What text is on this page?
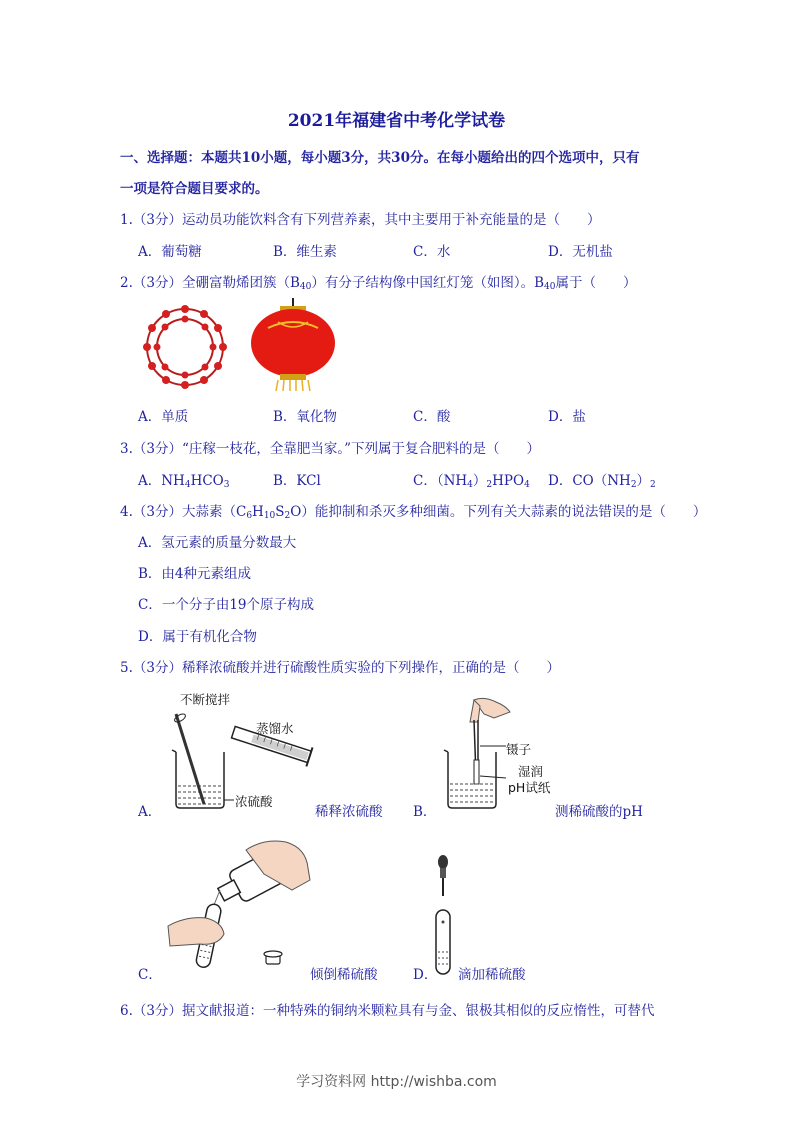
2021年福建省中考化学试卷
一、选择题：本题共10小题，每小题3分，共30分。在每小题给出的四个选项中，只有
一项是符合题目要求的。
1.（3分）运动员功能饮料含有下列营养素，其中主要用于补充能量的是（　　）
A．葡萄糖	B．维生素	C．水	D．无机盐
2.（3分）全硼富勒烯团簇$(B_{40})$有分子结构像中国红灯笼（如图）。$B_{40}$属于（　　）
A．单质	B．氧化物	C．酸	D．盐
3.（3分）“庄稼一枝花，全靠肥当家。”下列属于复合肥料的是（　　）
A．$NH_4HCO_3$	B．KCl	C．$(NH_4)_2HPO_4$ D．$CO(NH_2)_2$
4.（3分）大蒜素$(C_6H_{10}S_2O)$能抑制和杀灭多种细菌。下列有关大蒜素的说法错误的是（　　）
A．氢元素的质量分数最大
B．由4种元素组成
C．一个分子由19个原子构成
D．属于有机化合物
5.（3分）稀释浓硫酸并进行硫酸性质实验的下列操作，正确的是（　　）
不断搅拌
蒸馏水
浓硫酸
A．	稀释浓硫酸
镊子
湿润
pH试纸
B．	测稀硫酸的pH
C．	倾倒稀硫酸	D． 滴加稀硫酸
6.（3分）据文献报道：一种特殊的铜纳米颗粒具有与金、银极其相似的反应惰性，可替代
学习资料网 http://wishba.com
